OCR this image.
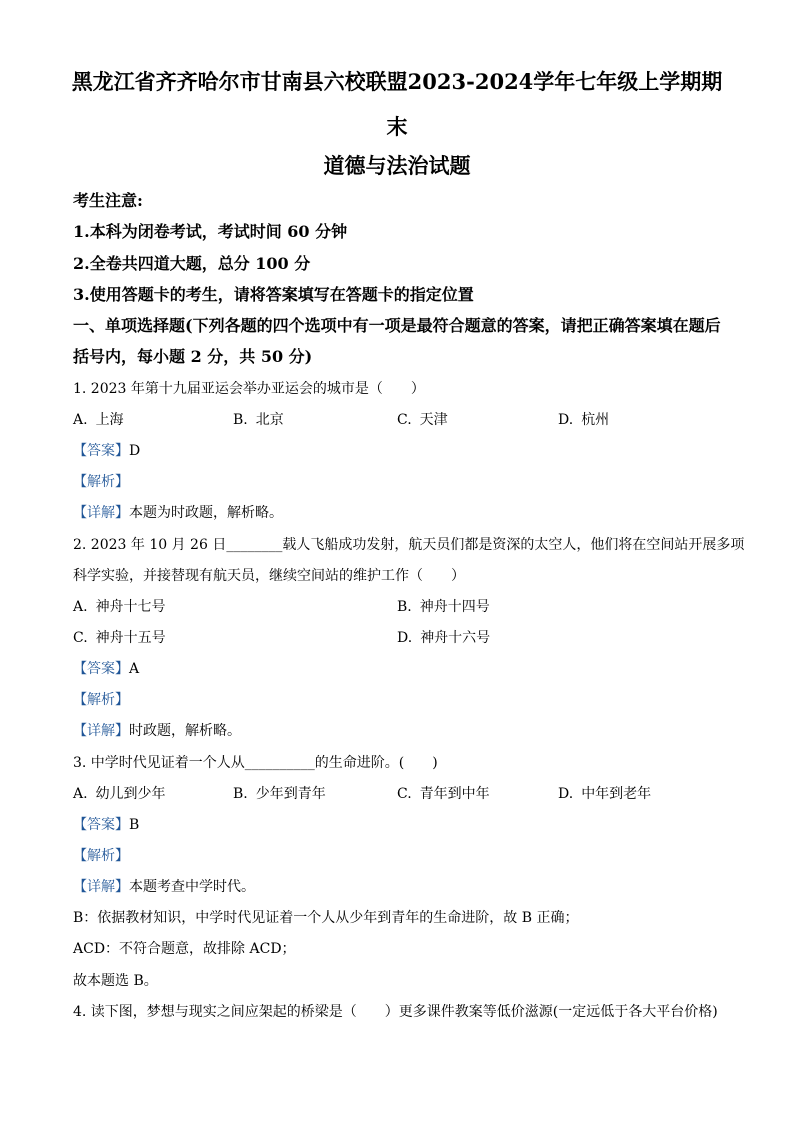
黑龙江省齐齐哈尔市甘南县六校联盟2023-2024学年七年级上学期期
末
道德与法治试题
考生注意:
1.本科为闭卷考试，考试时间 60 分钟
2.全卷共四道大题，总分 100 分
3.使用答题卡的考生，请将答案填写在答题卡的指定位置
一、单项选择题(下列各题的四个选项中有一项是最符合题意的答案，请把正确答案填在题后
括号内，每小题 2 分，共 50 分)
1. 2023 年第十九届亚运会举办亚运会的城市是（　　）
A. 上海	B. 北京	C. 天津	D. 杭州
【答案】D
【解析】
【详解】本题为时政题，解析略。
2. 2023 年 10 月 26 日________载人飞船成功发射，航天员们都是资深的太空人，他们将在空间站开展多项
科学实验，并接替现有航天员，继续空间站的维护工作（　　）
A. 神舟十七号	B. 神舟十四号
C. 神舟十五号	D. 神舟十六号
【答案】A
【解析】
【详解】时政题，解析略。
3. 中学时代见证着一个人从__________的生命进阶。(　　)
A. 幼儿到少年	B. 少年到青年	C. 青年到中年	D. 中年到老年
【答案】B
【解析】
【详解】本题考查中学时代。
B：依据教材知识，中学时代见证着一个人从少年到青年的生命进阶，故 B 正确；
ACD：不符合题意，故排除 ACD；
故本题选 B。
4. 读下图，梦想与现实之间应架起的桥梁是（　　）更多课件教案等低价滋源(一定远低于各大平台价格)
